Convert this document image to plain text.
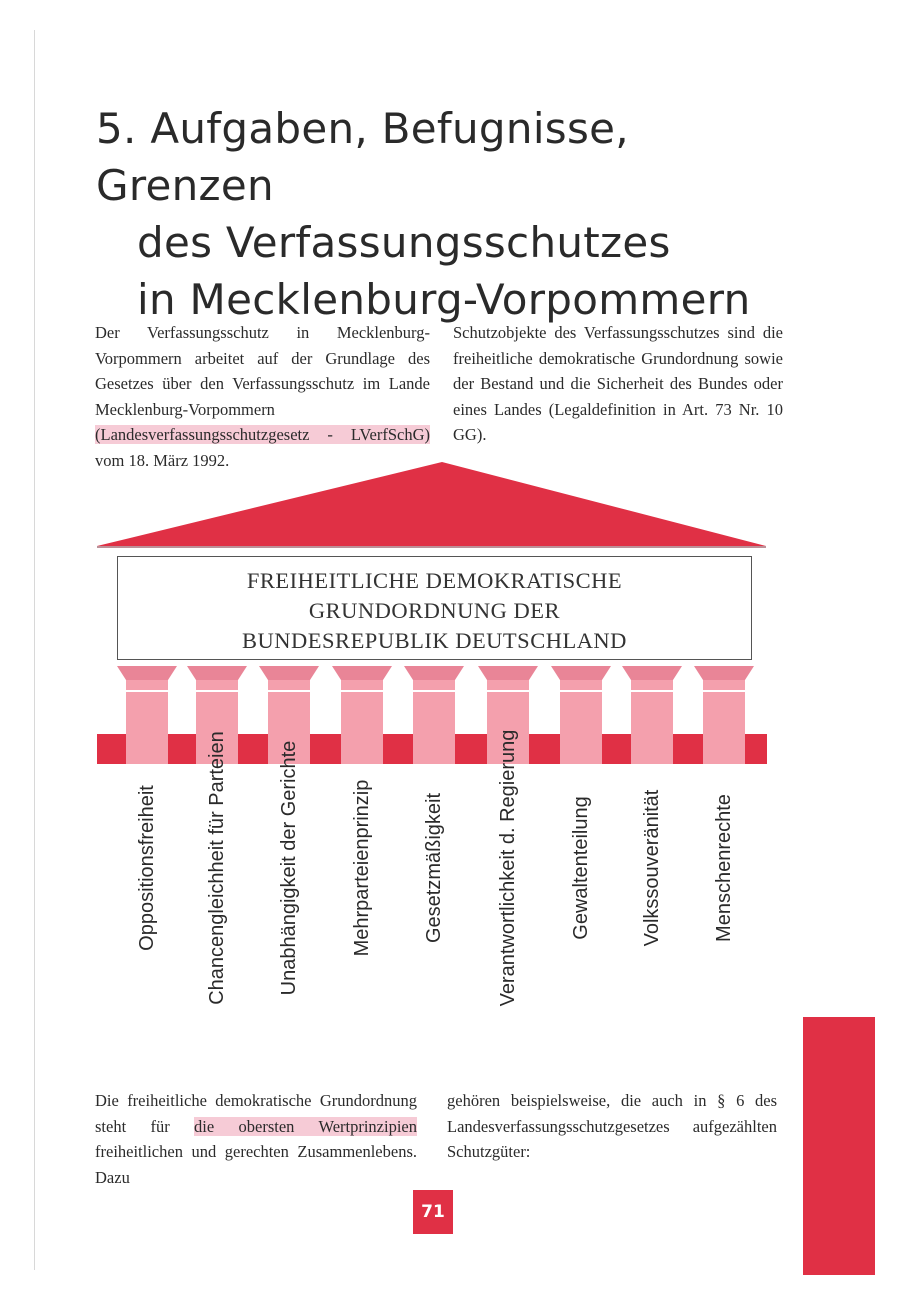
5. Aufgaben, Befugnisse, Grenzen
des Verfassungsschutzes
in Mecklenburg-Vorpommern

Der Verfassungsschutz in Mecklenburg-Vorpommern arbeitet auf der Grundlage des Gesetzes über den Verfassungsschutz im Lande Mecklenburg-Vorpommern (Landesverfassungsschutzgesetz - LVerfSchG) vom 18. März 1992.

Schutzobjekte des Verfassungsschutzes sind die freiheitliche demokratische Grundordnung sowie der Bestand und die Sicherheit des Bundes oder eines Landes (Legaldefinition in Art. 73 Nr. 10 GG).

FREIHEITLICHE DEMOKRATISCHE
GRUNDORDNUNG DER
BUNDESREPUBLIK DEUTSCHLAND
Oppositionsfreiheit	Chancengleichheit für Parteien	Unabhängigkeit der Gerichte	Mehrparteienprinzip	Gesetzmäßigkeit	Verantwortlichkeit d. Regierung	Gewaltenteilung	Volkssouveränität	Menschenrechte

Die freiheitliche demokratische Grundordnung steht für die obersten Wertprinzipien freiheitlichen und gerechten Zusammenlebens. Dazu

gehören beispielsweise, die auch in § 6 des Landesverfassungsschutzgesetzes aufgezählten Schutzgüter:

71
